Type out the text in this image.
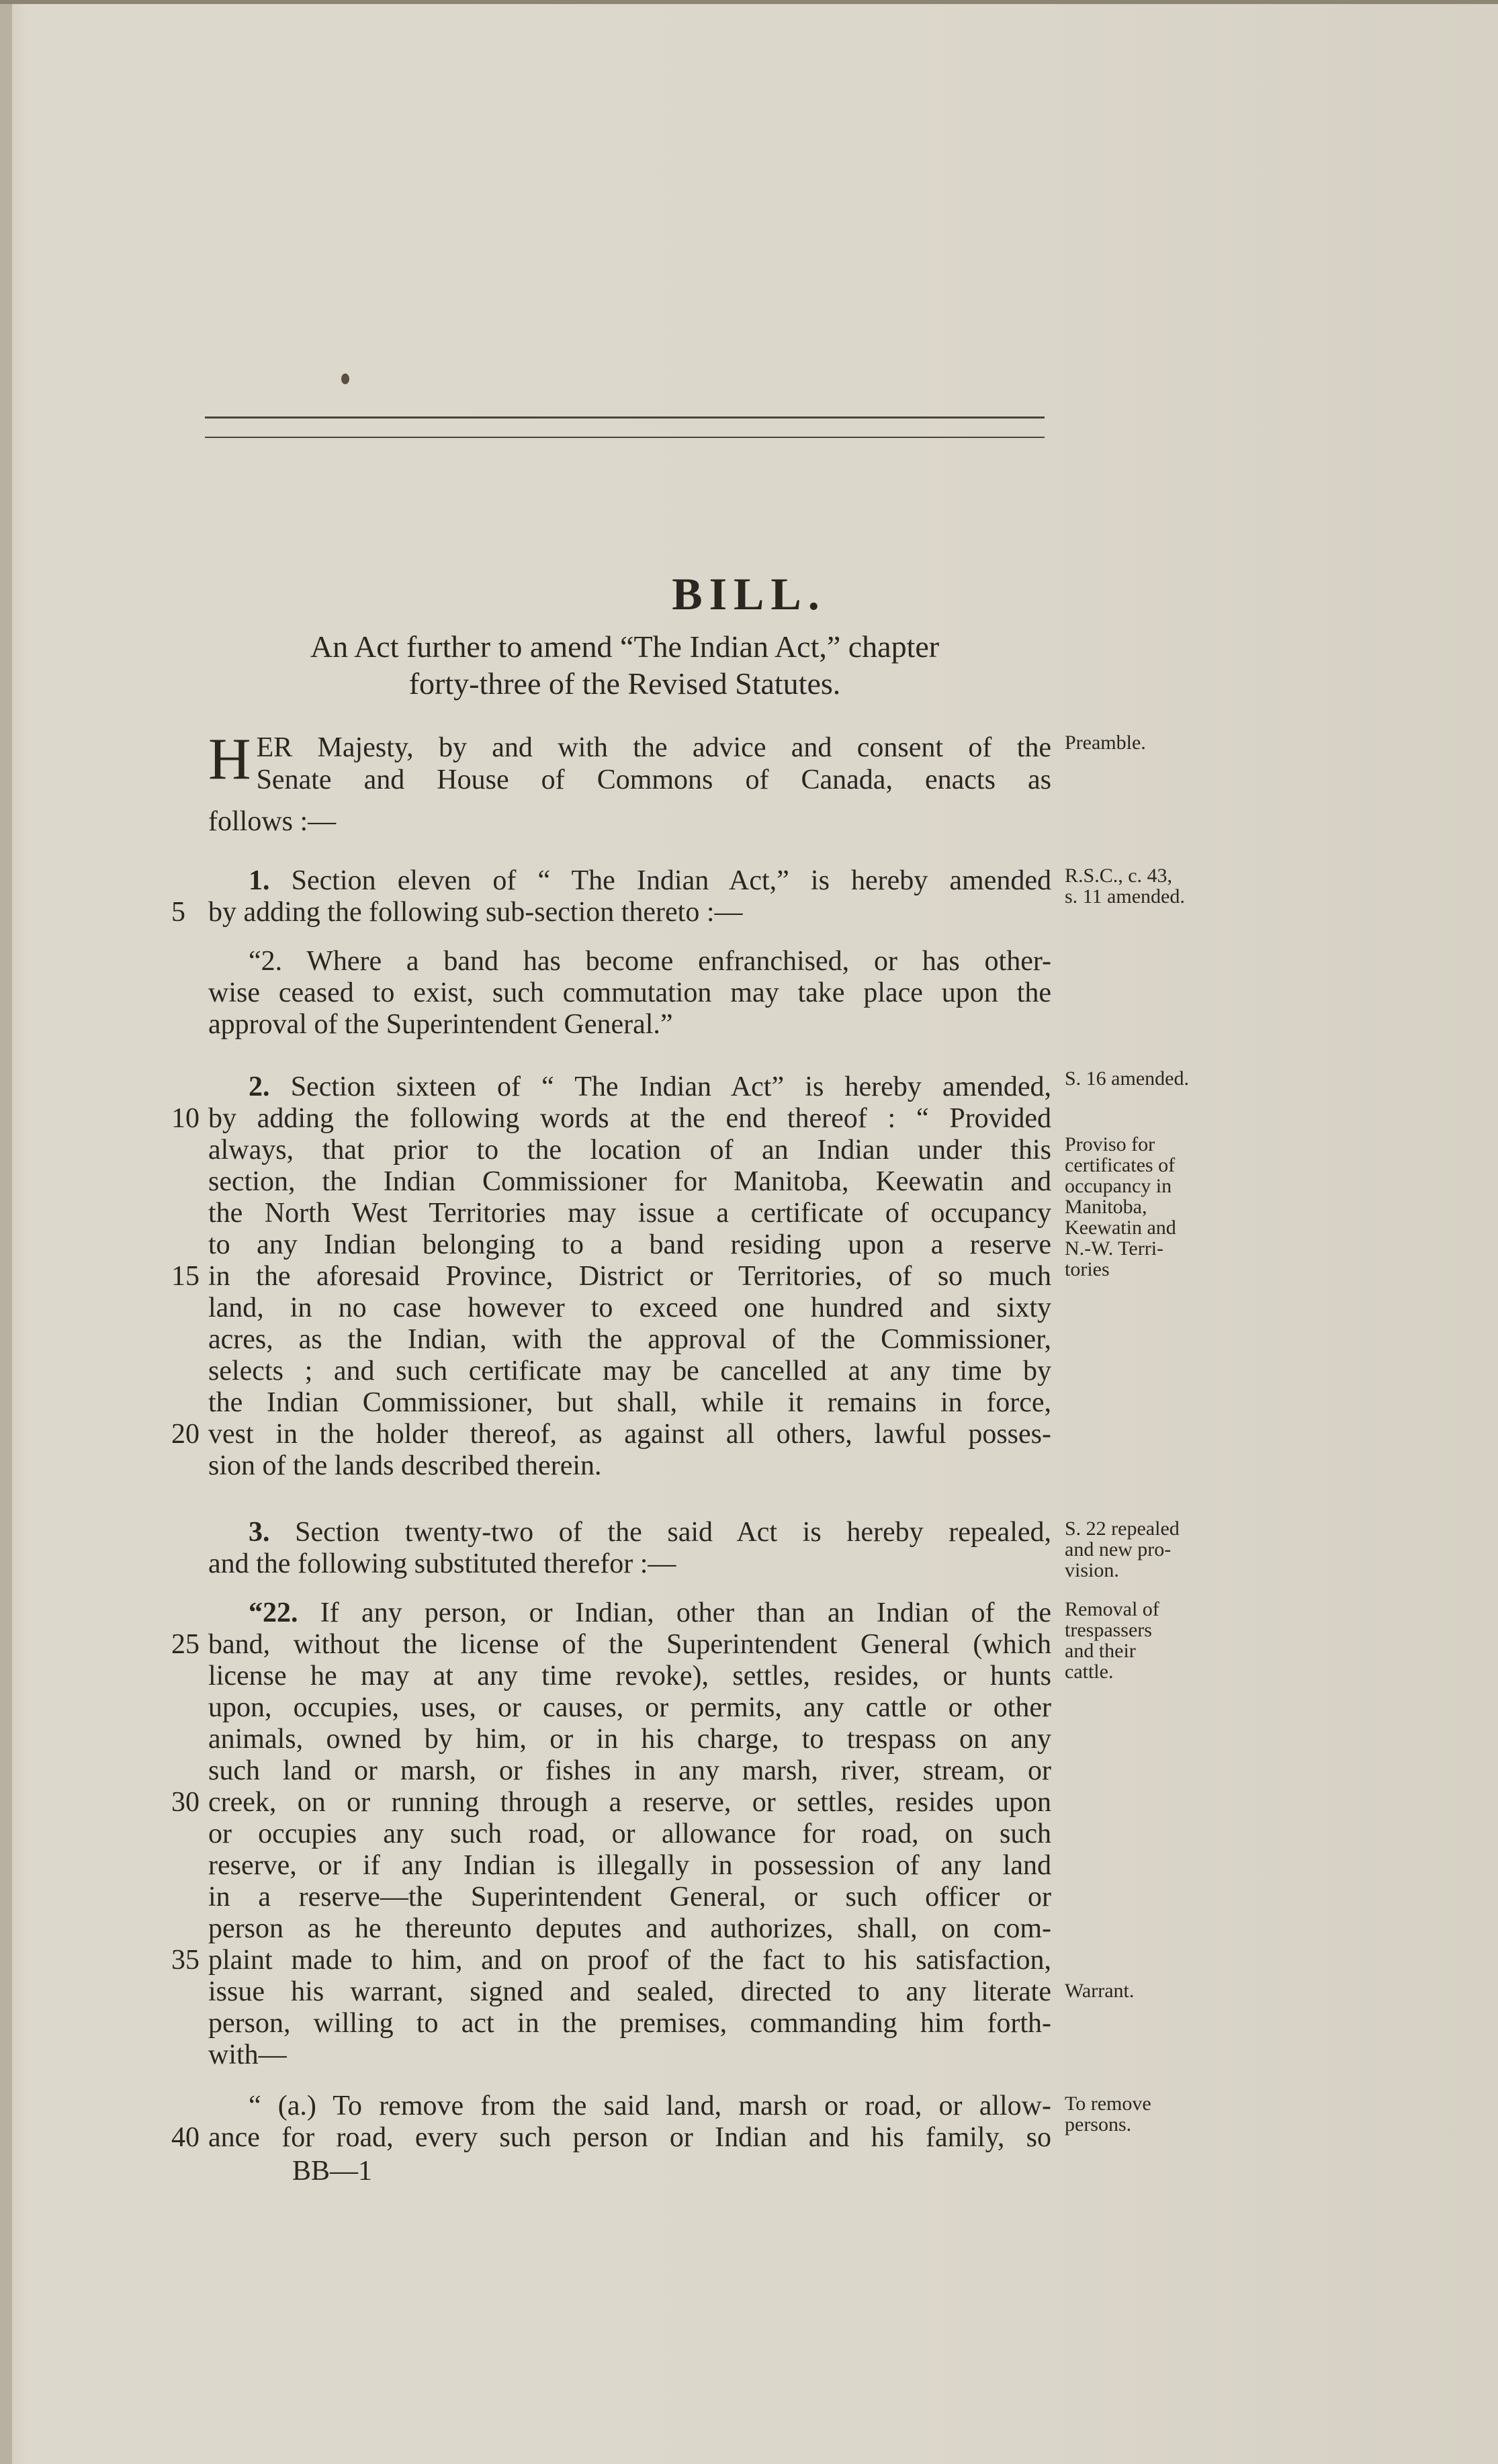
BILL.
An Act further to amend “The Indian Act,” chapter
forty-three of the Revised Statutes.
H ER Majesty, by and with the advice and consent of the
Senate and House of Commons of Canada, enacts as
follows :—
1. Section eleven of “ The Indian Act,” is hereby amended
by adding the following sub-section thereto :—
“2. Where a band has become enfranchised, or has other-
wise ceased to exist, such commutation may take place upon the
approval of the Superintendent General.”
2. Section sixteen of “ The Indian Act” is hereby amended,
by adding the following words at the end thereof : “ Provided
always, that prior to the location of an Indian under this
section, the Indian Commissioner for Manitoba, Keewatin and
the North West Territories may issue a certificate of occupancy
to any Indian belonging to a band residing upon a reserve
in the aforesaid Province, District or Territories, of so much
land, in no case however to exceed one hundred and sixty
acres, as the Indian, with the approval of the Commissioner,
selects ; and such certificate may be cancelled at any time by
the Indian Commissioner, but shall, while it remains in force,
vest in the holder thereof, as against all others, lawful posses-
sion of the lands described therein.
3. Section twenty-two of the said Act is hereby repealed,
and the following substituted therefor :—
“22. If any person, or Indian, other than an Indian of the
band, without the license of the Superintendent General (which
license he may at any time revoke), settles, resides, or hunts
upon, occupies, uses, or causes, or permits, any cattle or other
animals, owned by him, or in his charge, to trespass on any
such land or marsh, or fishes in any marsh, river, stream, or
creek, on or running through a reserve, or settles, resides upon
or occupies any such road, or allowance for road, on such
reserve, or if any Indian is illegally in possession of any land
in a reserve—the Superintendent General, or such officer or
person as he thereunto deputes and authorizes, shall, on com-
plaint made to him, and on proof of the fact to his satisfaction,
issue his warrant, signed and sealed, directed to any literate
person, willing to act in the premises, commanding him forth-
with—
“ (a.) To remove from the said land, marsh or road, or allow-
ance for road, every such person or Indian and his family, so
BB—1
5
10
15
20
25
30
35
40
Preamble.
R.S.C., c. 43,
s. 11 amended.
S. 16 amended.
Proviso for
certificates of
occupancy in
Manitoba,
Keewatin and
N.-W. Terri-
tories
S. 22 repealed
and new pro-
vision.
Removal of
trespassers
and their
cattle.
Warrant.
To remove
persons.
